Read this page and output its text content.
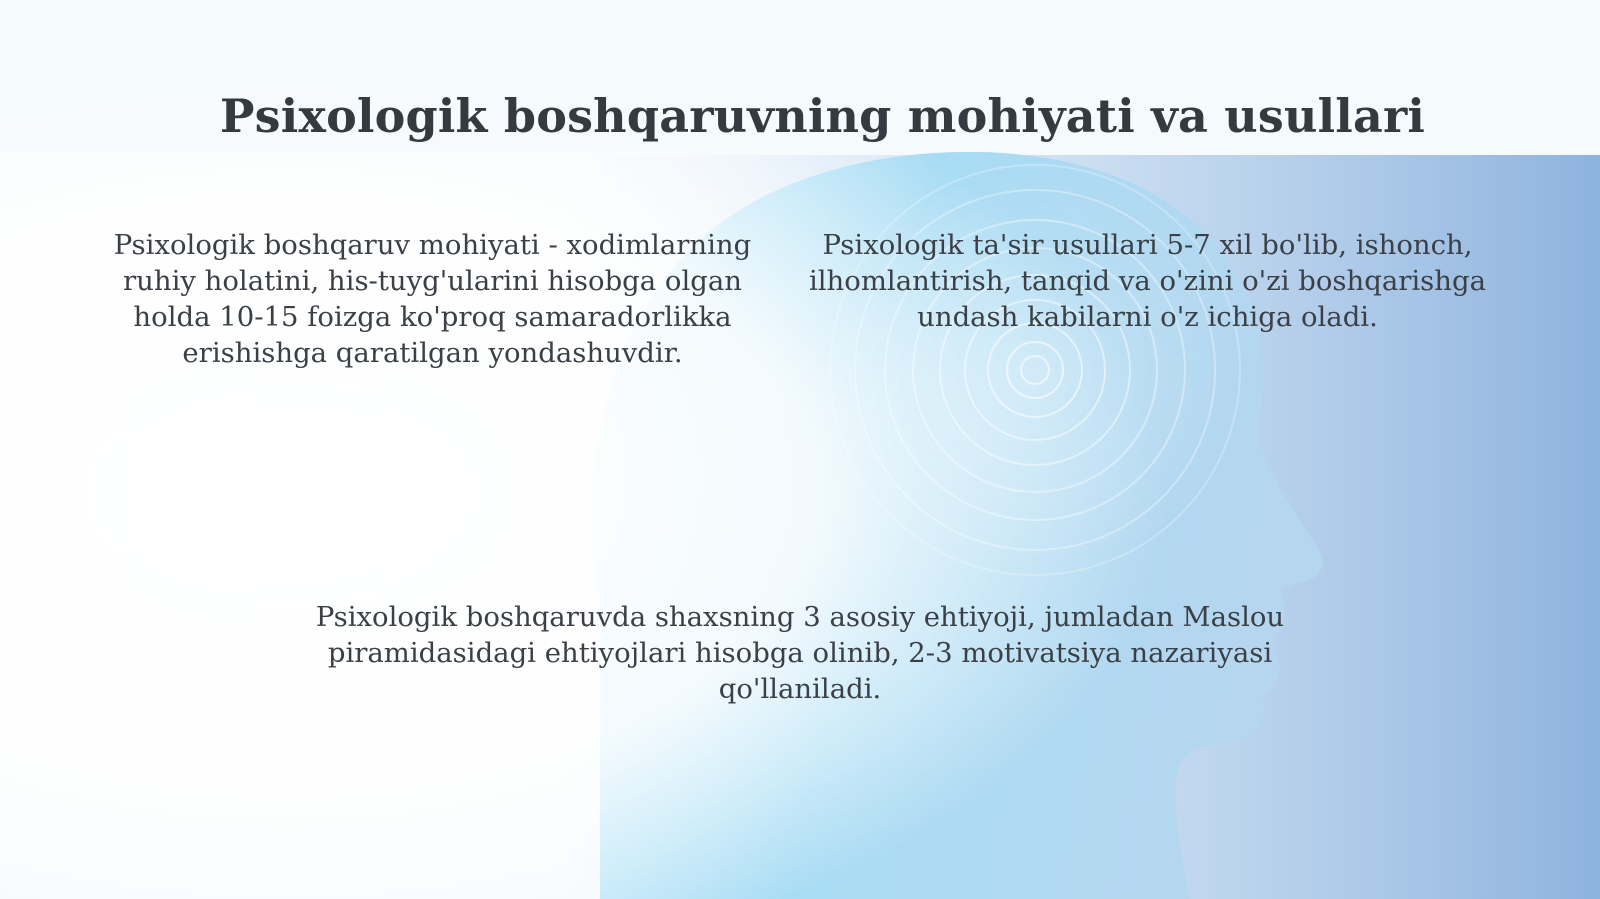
Psixologik boshqaruvning mohiyati va usullari

Psixologik boshqaruv mohiyati - xodimlarning ruhiy holatini, his-tuyg'ularini hisobga olgan holda 10-15 foizga ko'proq samaradorlikka erishishga qaratilgan yondashuvdir.

Psixologik ta'sir usullari 5-7 xil bo'lib, ishonch, ilhomlantirish, tanqid va o'zini o'zi boshqarishga undash kabilarni o'z ichiga oladi.

Psixologik boshqaruvda shaxsning 3 asosiy ehtiyoji, jumladan Maslou piramidasidagi ehtiyojlari hisobga olinib, 2-3 motivatsiya nazariyasi qo'llaniladi.
